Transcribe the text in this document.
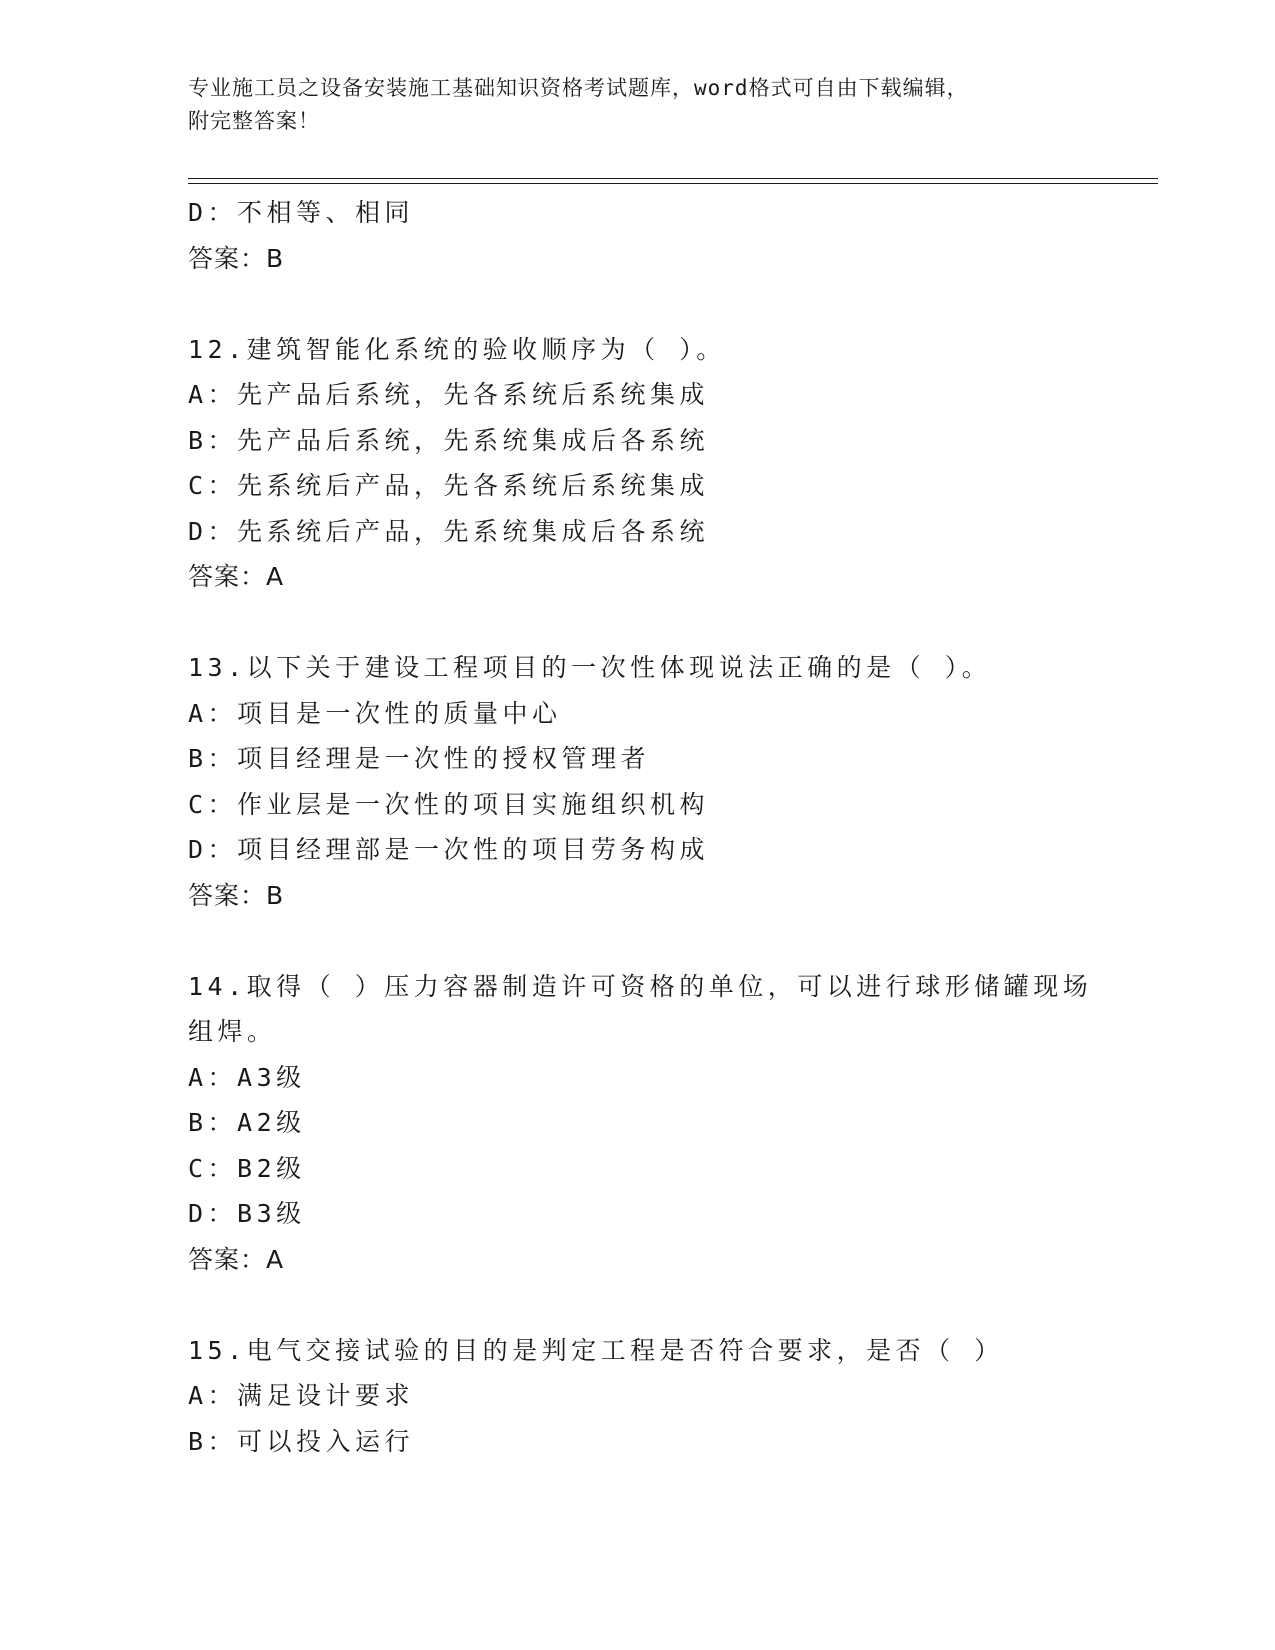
专业施工员之设备安装施工基础知识资格考试题库，word格式可自由下载编辑，
附完整答案！
D：不相等、相同
答案：B
12.建筑智能化系统的验收顺序为（ ）。
A：先产品后系统，先各系统后系统集成
B：先产品后系统，先系统集成后各系统
C：先系统后产品，先各系统后系统集成
D：先系统后产品，先系统集成后各系统
答案：A
13.以下关于建设工程项目的一次性体现说法正确的是（ ）。
A：项目是一次性的质量中心
B：项目经理是一次性的授权管理者
C：作业层是一次性的项目实施组织机构
D：项目经理部是一次性的项目劳务构成
答案：B
14.取得（ ）压力容器制造许可资格的单位，可以进行球形储罐现场
组焊。
A：A3级
B：A2级
C：B2级
D：B3级
答案：A
15.电气交接试验的目的是判定工程是否符合要求，是否（ ）
A：满足设计要求
B：可以投入运行
